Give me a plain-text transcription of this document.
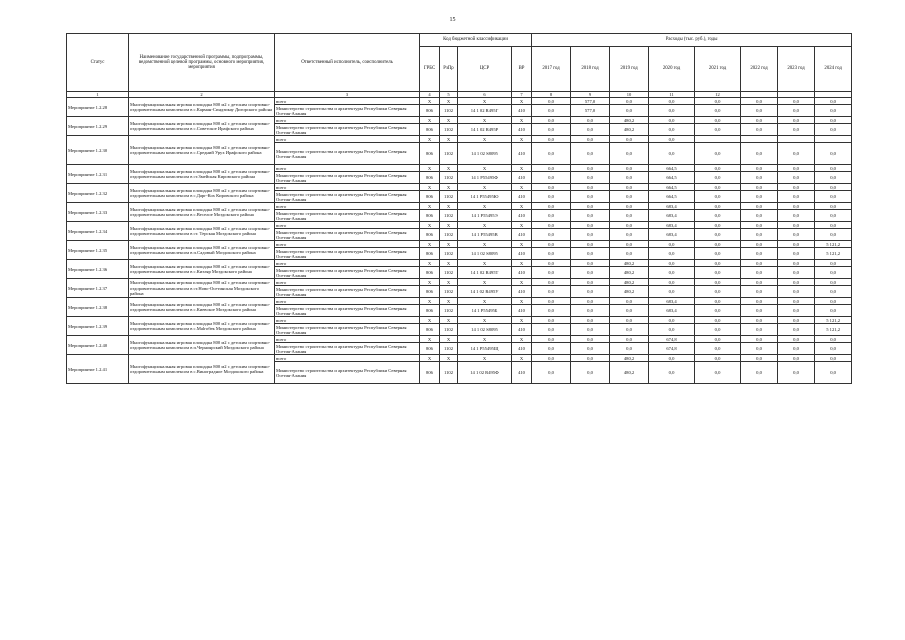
15
Статус	Наименование государственной программы, подпрограммы, ведомственной целевой программы, основного мероприятия, мероприятия	Ответственный исполнитель, соисполнитель	Код бюджетной классификации				Расходы (тыс. руб.), годы							
			ГРБС	РзПр	ЦСР	ВР	2017 год	2018 год	2019 год	2020 год	2021 год	2022 год	2023 год	2024 год
1	2	3	4	5	6	7	8	9	10	11	12			
Мероприятие 1.2.28	Многофункциональная игровая площадка 800 м2 с детским спортивно-оздоровительным комплексом в с.Карман-Синдзикау Дигорского района	всего	X	X	X	X	0,0	577,0	0,0	0,0	0,0	0,0	0,0	0,0
		Министерство строительства и архитектуры Республики Северная Осетия-Алания	806	1102	14 1 02 R495Г	410	0,0	577,0	0,0	0,0	0,0	0,0	0,0	0,0
Мероприятие 1.2.29	Многофункциональная игровая площадка 800 м2 с детским спортивно-оздоровительным комплексом в с.Советское Ирафского района	всего	X	X	X	X	0,0	0,0	480,2	0,0	0,0	0,0	0,0	0,0
		Министерство строительства и архитектуры Республики Северная Осетия-Алания	806	1102	14 1 02 R495Р	410	0,0	0,0	480,2	0,0	0,0	0,0	0,0	0,0
Мероприятие 1.2.30	Многофункциональная игровая площадка 800 м2 с детским спортивно-оздоровительным комплексом в с.Средний Урух Ирафского района	всего	X	X	X	X	0,0	0,0	0,0	0,0				
		Министерство строительства и архитектуры Республики Северная Осетия-Алания	806	1102	14 1 02 S8095	410	0,0	0,0	0,0	0,0	0,0	0,0	0,0	0,0
Мероприятие 1.2.31	Многофункциональная игровая площадка 800 м2 с детским спортивно-оздоровительным комплексом в ст.Змейская Кировского района	всего	X	X	X	X	0,0	0,0	0,0	664,5	0,0	0,0	0,0	0,0
		Министерство строительства и архитектуры Республики Северная Осетия-Алания	806	1102	14 1 Р55495Ф	410	0,0	0,0	0,0	664,5	0,0	0,0	0,0	0,0
Мероприятие 1.2.32	Многофункциональная игровая площадка 800 м2 с детским спортивно-оздоровительным комплексом в с.Дарг-Кох Кировского района	всего	X	X	X	X	0,0	0,0	0,0	664,5	0,0	0,0	0,0	0,0
		Министерство строительства и архитектуры Республики Северная Осетия-Алания	806	1102	14 1 Р55495Ю	410	0,0	0,0	0,0	664,5	0,0	0,0	0,0	0,0
Мероприятие 1.2.33	Многофункциональная игровая площадка 800 м2 с детским спортивно-оздоровительным комплексом в с.Веселое Моздокского района	всего	X	X	X	X	0,0	0,0	0,0	683,4	0,0	0,0	0,0	0,0
		Министерство строительства и архитектуры Республики Северная Осетия-Алания	806	1102	14 1 Р55495Э	410	0,0	0,0	0,0	683,4	0,0	0,0	0,0	0,0
Мероприятие 1.2.34	Многофункциональная игровая площадка 800 м2 с детским спортивно-оздоровительным комплексом в ст. Терская Моздокского района	всего	X	X	X	X	0,0	0,0	0,0	683,4	0,0	0,0	0,0	0,0
		Министерство строительства и архитектуры Республики Северная Осетия-Алания	806	1102	14 1 Р55495В	410	0,0	0,0	0,0	683,4	0,0	0,0	0,0	0,0
Мероприятие 1.2.35	Многофункциональная игровая площадка 800 м2 с детским спортивно-оздоровительным комплексом в п.Садовый Моздокского района	всего	X	X	X	X	0,0	0,0	0,0	0,0	0,0	0,0	0,0	5 121,2
		Министерство строительства и архитектуры Республики Северная Осетия-Алания	806	1102	14 1 02 S8095	410	0,0	0,0	0,0	0,0	0,0	0,0	0,0	5 121,2
Мероприятие 1.2.36	Многофункциональная игровая площадка 800 м2 с детским спортивно-оздоровительным комплексом в с.Кизляр Моздокского района	всего	X	X	X	X	0,0	0,0	480,2	0,0	0,0	0,0	0,0	0,0
		Министерство строительства и архитектуры Республики Северная Осетия-Алания	806	1102	14 1 02 R495Т	410	0,0	0,0	480,2	0,0	0,0	0,0	0,0	0,0
Мероприятие 1.2.37	Многофункциональная игровая площадка 800 м2 с детским спортивно-оздоровительным комплексом в ст.Ново-Осетинская Моздокского района	всего	X	X	X	X	0,0	0,0	480,2	0,0	0,0	0,0	0,0	0,0
		Министерство строительства и архитектуры Республики Северная Осетия-Алания	806	1102	14 1 02 R495У	410	0,0	0,0	480,2	0,0	0,0	0,0	0,0	0,0
Мероприятие 1.2.38	Многофункциональная игровая площадка 800 м2 с детским спортивно-оздоровительным комплексом в с.Киевское Моздокского района	всего	X	X	X	X	0,0	0,0	0,0	683,4	0,0	0,0	0,0	0,0
		Министерство строительства и архитектуры Республики Северная Осетия-Алания	806	1102	14 1 Р55495Б	410	0,0	0,0	0,0	683,4	0,0	0,0	0,0	0,0
Мероприятие 1.2.39	Многофункциональная игровая площадка 800 м2 с детским спортивно-оздоровительным комплексом в с.Malгобек Моздокского района	всего	X	X	X	X	0,0	0,0	0,0	0,0	0,0	0,0	0,0	5 121,2
		Министерство строительства и архитектуры Республики Северная Осетия-Алания	806	1102	14 1 02 S8095	410	0,0	0,0	0,0	0,0	0,0	0,0	0,0	5 121,2
Мероприятие 1.2.40	Многофункциональная игровая площадка 800 м2 с детским спортивно-оздоровительным комплексом в п.Черноярский Моздокского района	всего	X	X	X	X	0,0	0,0	0,0	674,8	0,0	0,0	0,0	0,0
		Министерство строительства и архитектуры Республики Северная Осетия-Алания	806	1102	14 1 Р55495Щ	410	0,0	0,0	0,0	674,8	0,0	0,0	0,0	0,0
Мероприятие 1.2.41	Многофункциональная игровая площадка 800 м2 с детским спортивно-оздоровительным комплексом в с.Виноградное Моздокского района	всего	X	X	X	X	0,0	0,0	480,2	0,0	0,0	0,0	0,0	0,0
		Министерство строительства и архитектуры Республики Северная Осетия-Алания	806	1102	14 1 02 R495Ф	410	0,0	0,0	480,2	0,0	0,0	0,0	0,0	0,0
